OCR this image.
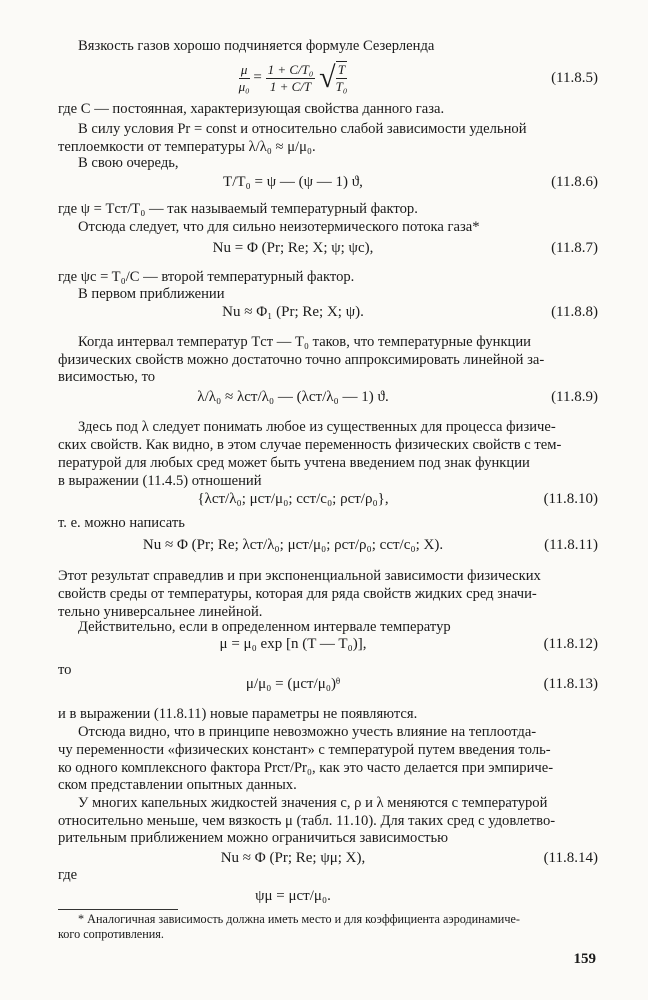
Вязкость газов хорошо подчиняется формуле Сезерленда
$\frac{\mu}{\text{μ₀}} = \frac{\text{1 + C/T₀}}{1 + C/T}$ √ $\frac{T}{\text{T₀}}$	(11.8.5)
где C — постоянная, характеризующая свойства данного газа.
В силу условия Pr = const и относительно слабой зависимости удельной
теплоемкости от температуры λ/λ₀ ≈ μ/μ₀.
В свою очередь,
T/T₀ = ψ — (ψ — 1) ϑ,	(11.8.6)
где ψ = Tст/T₀ — так называемый температурный фактор.
Отсюда следует, что для сильно неизотермического потока газа*
Nu = Φ (Pr; Re; X; ψ; ψc),	(11.8.7)
где ψc = T₀/C — второй температурный фактор.
В первом приближении
Nu ≈ Φ₁ (Pr; Re; X; ψ).	(11.8.8)
Когда интервал температур Tст — T₀ таков, что температурные функции
физических свойств можно достаточно точно аппроксимировать линейной за-
висимостью, то
λ/λ₀ ≈ λст/λ₀ — (λст/λ₀ — 1) ϑ.	(11.8.9)
Здесь под λ следует понимать любое из существенных для процесса физиче-
ских свойств. Как видно, в этом случае переменность физических свойств с тем-
пературой для любых сред может быть учтена введением под знак функции
в выражении (11.4.5) отношений
{λст/λ₀; μст/μ₀; cст/c₀; ρст/ρ₀},	(11.8.10)
т. е. можно написать
Nu ≈ Φ (Pr; Re; λст/λ₀; μст/μ₀; ρст/ρ₀; cст/c₀; X).	(11.8.11)
Этот результат справедлив и при экспоненциальной зависимости физических
свойств среды от температуры, которая для ряда свойств жидких сред значи-
тельно универсальнее линейной.
Действительно, если в определенном интервале температур
μ = μ₀ exp [n (T — T₀)],	(11.8.12)
то
μ/μ₀ = (μст/μ₀)ᶿ	(11.8.13)
и в выражении (11.8.11) новые параметры не появляются.
Отсюда видно, что в принципе невозможно учесть влияние на теплоотда-
чу переменности «физических констант» с температурой путем введения толь-
ко одного комплексного фактора Prст/Pr₀, как это часто делается при эмпириче-
ском представлении опытных данных.
У многих капельных жидкостей значения c, ρ и λ меняются с температурой
относительно меньше, чем вязкость μ (табл. 11.10). Для таких сред с удовлетво-
рительным приближением можно ограничиться зависимостью
Nu ≈ Φ (Pr; Re; ψμ; X),	(11.8.14)
где
ψμ = μст/μ₀.
* Аналогичная зависимость должна иметь место и для коэффициента аэродинамиче-
кого сопротивления.
159
